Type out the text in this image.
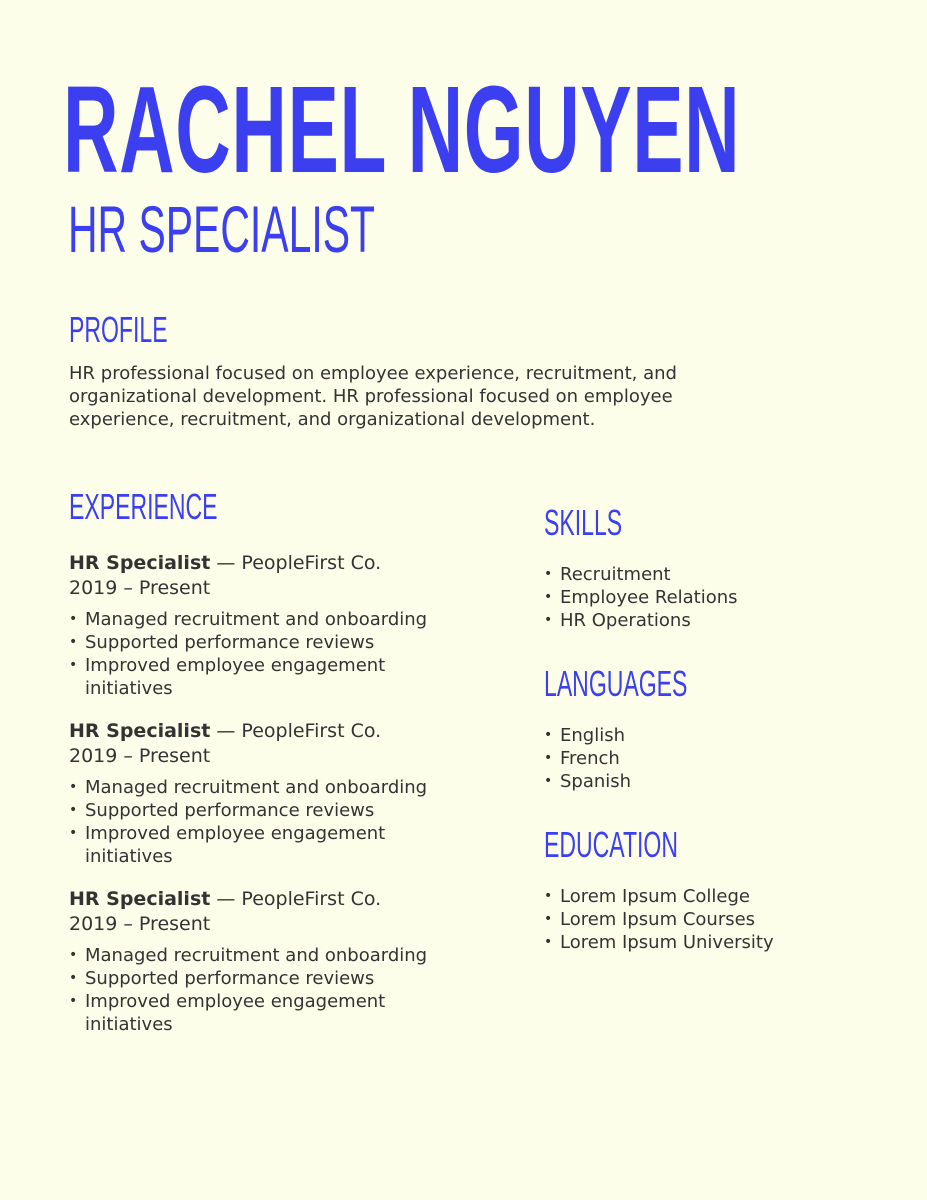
RACHEL NGUYEN
HR SPECIALIST
PROFILE

HR professional focused on employee experience, recruitment, and organizational development. HR professional focused on employee experience, recruitment, and organizational development.

EXPERIENCE
HR Specialist — PeopleFirst Co.
2019 – Present
• Managed recruitment and onboarding
• Supported performance reviews
• Improved employee engagement initiatives
HR Specialist — PeopleFirst Co.
2019 – Present
• Managed recruitment and onboarding
• Supported performance reviews
• Improved employee engagement initiatives
HR Specialist — PeopleFirst Co.
2019 – Present
• Managed recruitment and onboarding
• Supported performance reviews
• Improved employee engagement initiatives
SKILLS
• Recruitment
• Employee Relations
• HR Operations
LANGUAGES
• English
• French
• Spanish
EDUCATION
• Lorem Ipsum College
• Lorem Ipsum Courses
• Lorem Ipsum University
